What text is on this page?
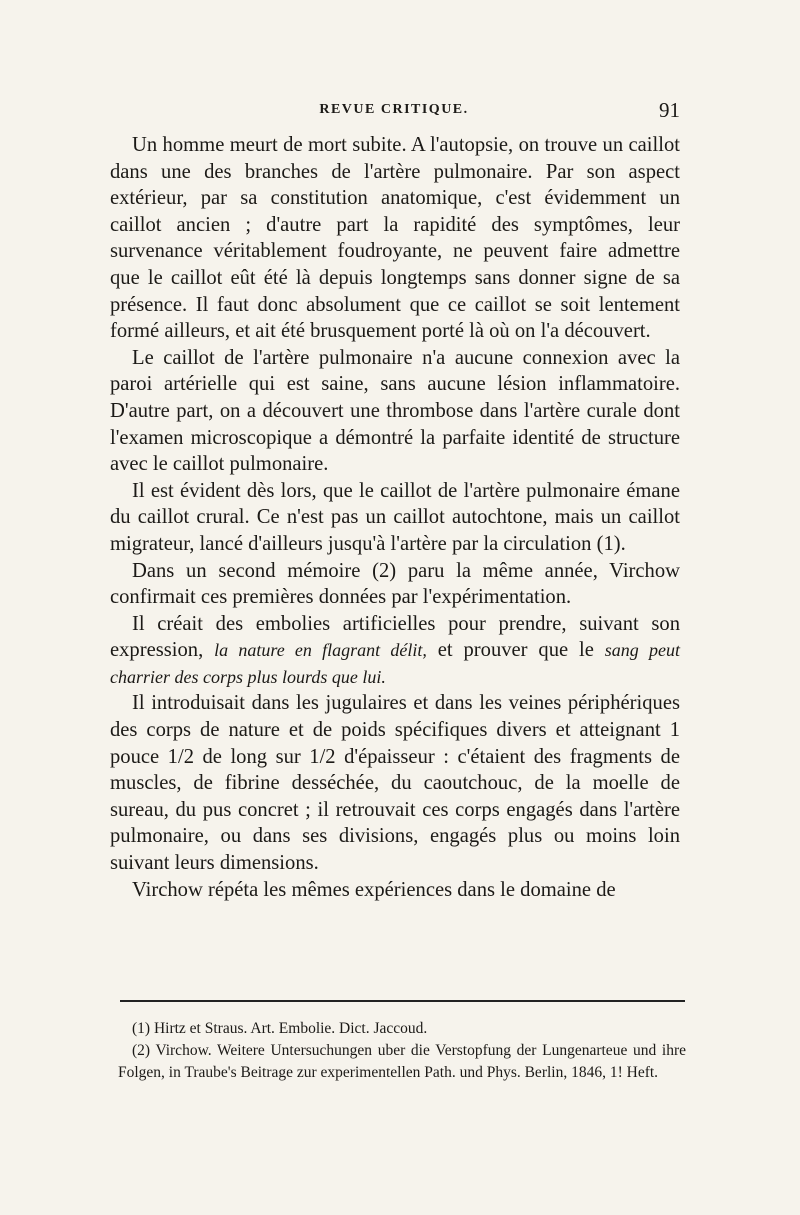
REVUE CRITIQUE.	91

Un homme meurt de mort subite. A l'autopsie, on trouve un caillot dans une des branches de l'artère pulmonaire. Par son aspect extérieur, par sa constitution anatomique, c'est évidemment un caillot ancien ; d'autre part la rapidité des symptômes, leur survenance véritablement foudroyante, ne peuvent faire admettre que le caillot eût été là depuis longtemps sans donner signe de sa présence. Il faut donc absolument que ce caillot se soit lentement formé ailleurs, et ait été brusquement porté là où on l'a découvert.

Le caillot de l'artère pulmonaire n'a aucune connexion avec la paroi artérielle qui est saine, sans aucune lésion inflammatoire. D'autre part, on a découvert une thrombose dans l'artère curale dont l'examen microscopique a démontré la parfaite identité de structure avec le caillot pulmonaire.

Il est évident dès lors, que le caillot de l'artère pulmonaire émane du caillot crural. Ce n'est pas un caillot autochtone, mais un caillot migrateur, lancé d'ailleurs jusqu'à l'artère par la circulation (1).

Dans un second mémoire (2) paru la même année, Virchow confirmait ces premières données par l'expérimentation.

Il créait des embolies artificielles pour prendre, suivant son expression, la nature en flagrant délit, et prouver que le sang peut charrier des corps plus lourds que lui.

Il introduisait dans les jugulaires et dans les veines périphériques des corps de nature et de poids spécifiques divers et atteignant 1 pouce 1/2 de long sur 1/2 d'épaisseur : c'étaient des fragments de muscles, de fibrine desséchée, du caoutchouc, de la moelle de sureau, du pus concret ; il retrouvait ces corps engagés dans l'artère pulmonaire, ou dans ses divisions, engagés plus ou moins loin suivant leurs dimensions.

Virchow répéta les mêmes expériences dans le domaine de

(1) Hirtz et Straus. Art. Embolie. Dict. Jaccoud.

(2) Virchow. Weitere Untersuchungen uber die Verstopfung der Lungenarteue und ihre Folgen, in Traube's Beitrage zur experimentellen Path. und Phys. Berlin, 1846, 1! Heft.
